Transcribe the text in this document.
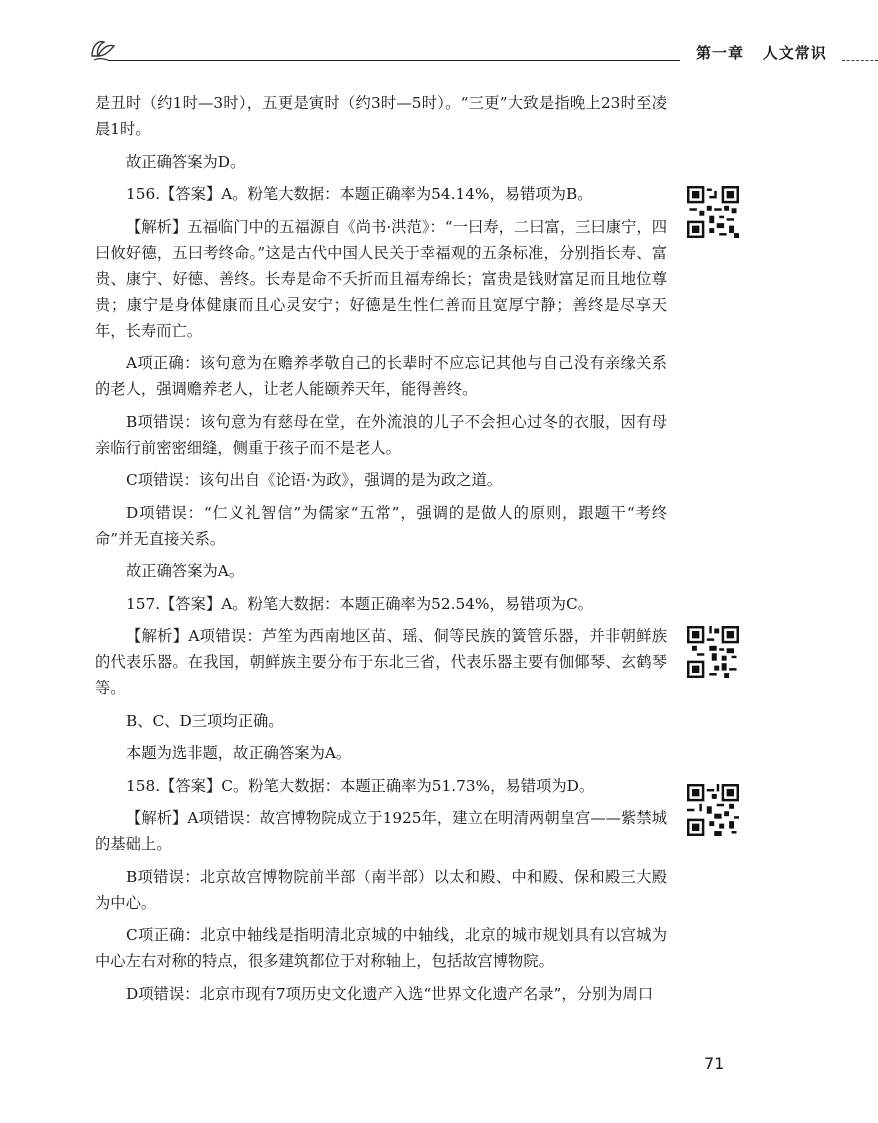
第一章 人文常识

是丑时（约1时—3时），五更是寅时（约3时—5时）。“三更”大致是指晚上23时至凌晨1时。

故正确答案为D。

156.【答案】A。粉笔大数据：本题正确率为54.14%，易错项为B。

【解析】五福临门中的五福源自《尚书·洪范》：“一曰寿，二曰富，三曰康宁，四曰攸好德，五曰考终命。”这是古代中国人民关于幸福观的五条标准，分别指长寿、富贵、康宁、好德、善终。长寿是命不夭折而且福寿绵长；富贵是钱财富足而且地位尊贵；康宁是身体健康而且心灵安宁；好德是生性仁善而且宽厚宁静；善终是尽享天年，长寿而亡。

A项正确：该句意为在赡养孝敬自己的长辈时不应忘记其他与自己没有亲缘关系的老人，强调赡养老人，让老人能颐养天年，能得善终。

B项错误：该句意为有慈母在堂，在外流浪的儿子不会担心过冬的衣服，因有母亲临行前密密细缝，侧重于孩子而不是老人。

C项错误：该句出自《论语·为政》，强调的是为政之道。

D项错误：“仁义礼智信”为儒家“五常”，强调的是做人的原则，跟题干“考终命”并无直接关系。

故正确答案为A。

157.【答案】A。粉笔大数据：本题正确率为52.54%，易错项为C。

【解析】A项错误：芦笙为西南地区苗、瑶、侗等民族的簧管乐器，并非朝鲜族的代表乐器。在我国，朝鲜族主要分布于东北三省，代表乐器主要有伽倻琴、玄鹤琴等。

B、C、D三项均正确。

本题为选非题，故正确答案为A。

158.【答案】C。粉笔大数据：本题正确率为51.73%，易错项为D。

【解析】A项错误：故宫博物院成立于1925年，建立在明清两朝皇宫——紫禁城的基础上。

B项错误：北京故宫博物院前半部（南半部）以太和殿、中和殿、保和殿三大殿为中心。

C项正确：北京中轴线是指明清北京城的中轴线，北京的城市规划具有以宫城为中心左右对称的特点，很多建筑都位于对称轴上，包括故宫博物院。

D项错误：北京市现有7项历史文化遗产入选“世界文化遗产名录”，分别为周口

71
